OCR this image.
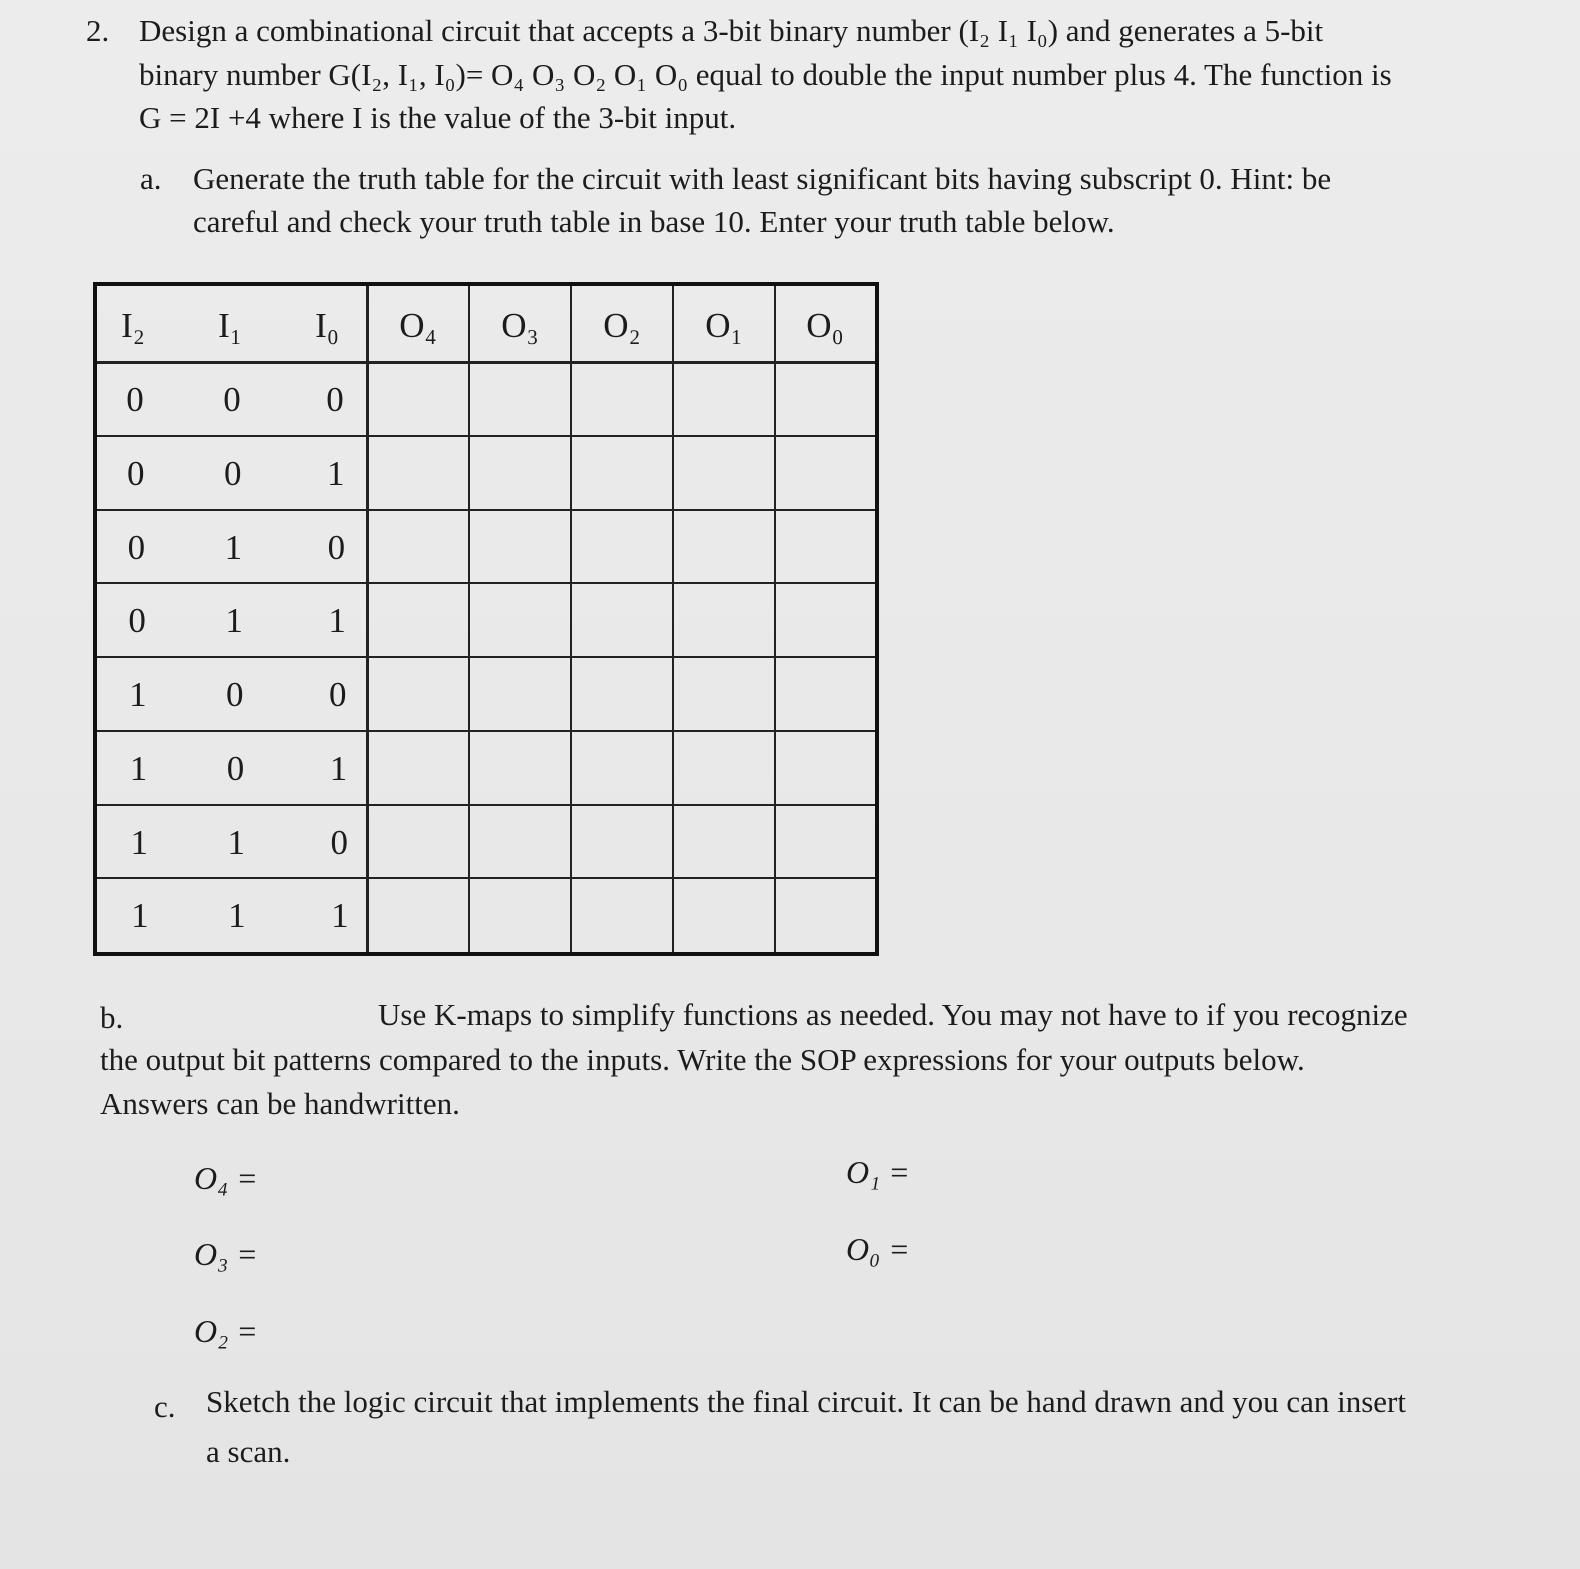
2. Design a combinational circuit that accepts a 3-bit binary number (I₂ I₁ I₀) and generates a 5-bit
binary number G(I₂, I₁, I₀)= O₄ O₃ O₂ O₁ O₀ equal to double the input number plus 4. The function is
G = 2I +4 where I is the value of the 3-bit input.
a. Generate the truth table for the circuit with least significant bits having subscript 0. Hint: be
careful and check your truth table in base 10. Enter your truth table below.
I₂	I₁	I₀	O₄	O₃	O₂	O₁	O₀
0	0	0
0	0	1
0	1	0
0	1	1
1	0	0
1	0	1
1	1	0
1	1	1
b.	Use K-maps to simplify functions as needed. You may not have to if you recognize
the output bit patterns compared to the inputs. Write the SOP expressions for your outputs below.
Answers can be handwritten.
O₄ =
O₃ =
O₂ =
O₁ =
O₀ =
c. Sketch the logic circuit that implements the final circuit. It can be hand drawn and you can insert
a scan.
